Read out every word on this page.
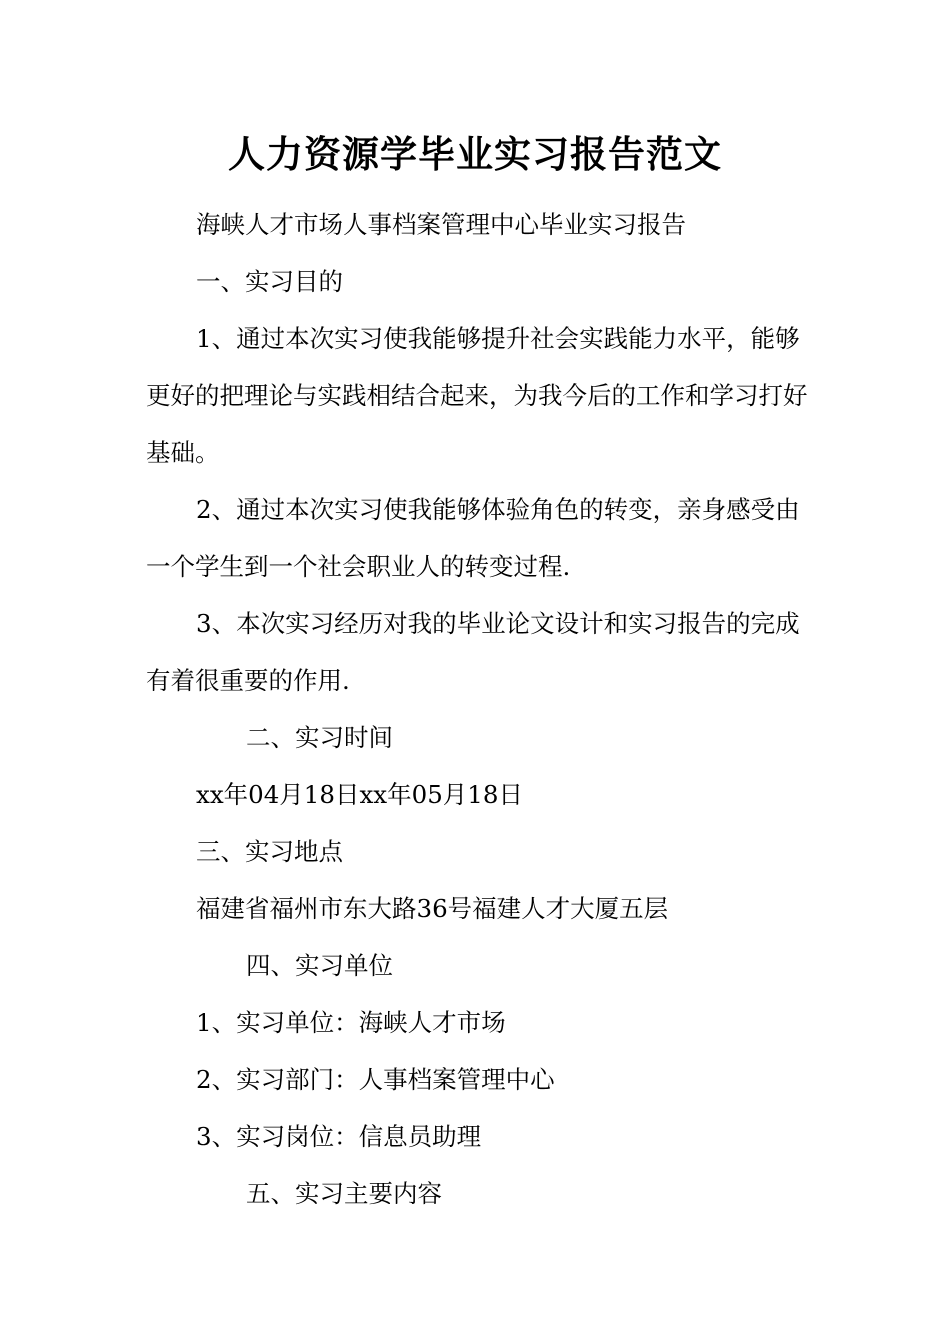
人力资源学毕业实习报告范文

海峡人才市场人事档案管理中心毕业实习报告

一、实习目的

1、通过本次实习使我能够提升社会实践能力水平，能够更好的把理论与实践相结合起来，为我今后的工作和学习打好基础。

2、通过本次实习使我能够体验角色的转变，亲身感受由一个学生到一个社会职业人的转变过程.

3、本次实习经历对我的毕业论文设计和实习报告的完成有着很重要的作用.

二、实习时间

xx年04月18日xx年05月18日

三、实习地点

福建省福州市东大路36号福建人才大厦五层

四、实习单位

1、实习单位：海峡人才市场

2、实习部门：人事档案管理中心

3、实习岗位：信息员助理

五、实习主要内容
